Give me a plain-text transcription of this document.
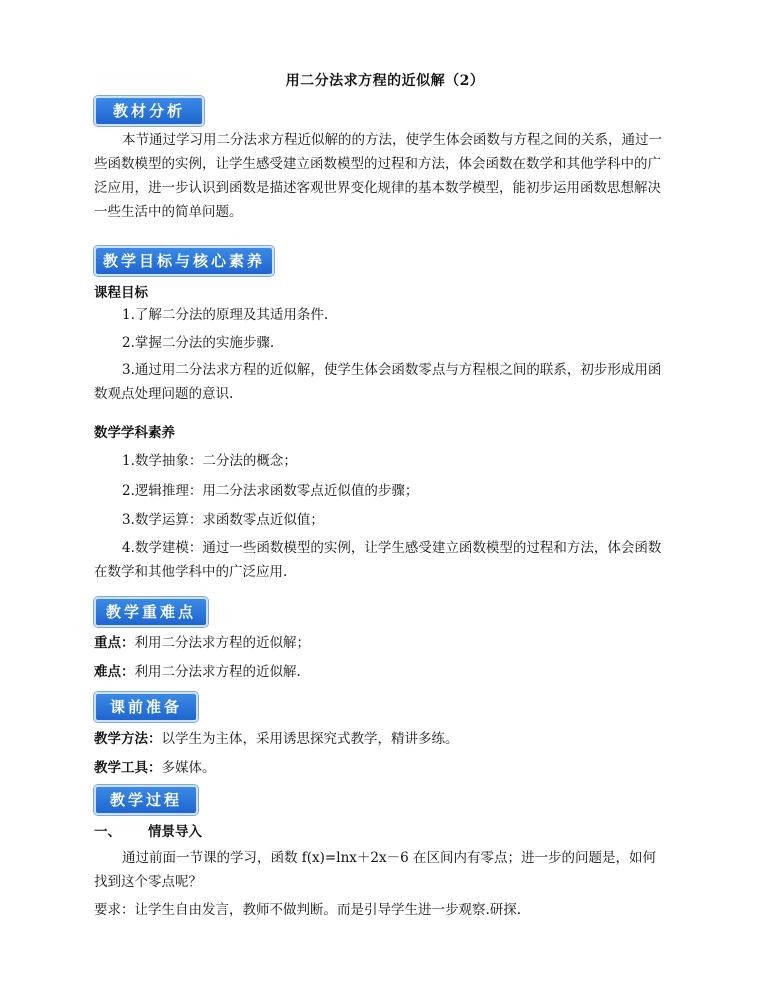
用二分法求方程的近似解（2）
教材分析
本节通过学习用二分法求方程近似解的的方法，使学生体会函数与方程之间的关系，通过一些函数模型的实例，让学生感受建立函数模型的过程和方法，体会函数在数学和其他学科中的广泛应用，进一步认识到函数是描述客观世界变化规律的基本数学模型，能初步运用函数思想解决一些生活中的简单问题。
教学目标与核心素养
课程目标
1.了解二分法的原理及其适用条件.
2.掌握二分法的实施步骤.
3.通过用二分法求方程的近似解，使学生体会函数零点与方程根之间的联系，初步形成用函数观点处理问题的意识.
数学学科素养
1.数学抽象：二分法的概念；
2.逻辑推理：用二分法求函数零点近似值的步骤；
3.数学运算：求函数零点近似值；
4.数学建模：通过一些函数模型的实例，让学生感受建立函数模型的过程和方法，体会函数在数学和其他学科中的广泛应用.
教学重难点
重点：利用二分法求方程的近似解；
难点：利用二分法求方程的近似解.
课前准备
教学方法：以学生为主体，采用诱思探究式教学，精讲多练。
教学工具：多媒体。
教学过程
一、 情景导入
通过前面一节课的学习，函数 f(x)=lnx＋2x－6 在区间内有零点；进一步的问题是，如何找到这个零点呢？
要求：让学生自由发言，教师不做判断。而是引导学生进一步观察.研探.
